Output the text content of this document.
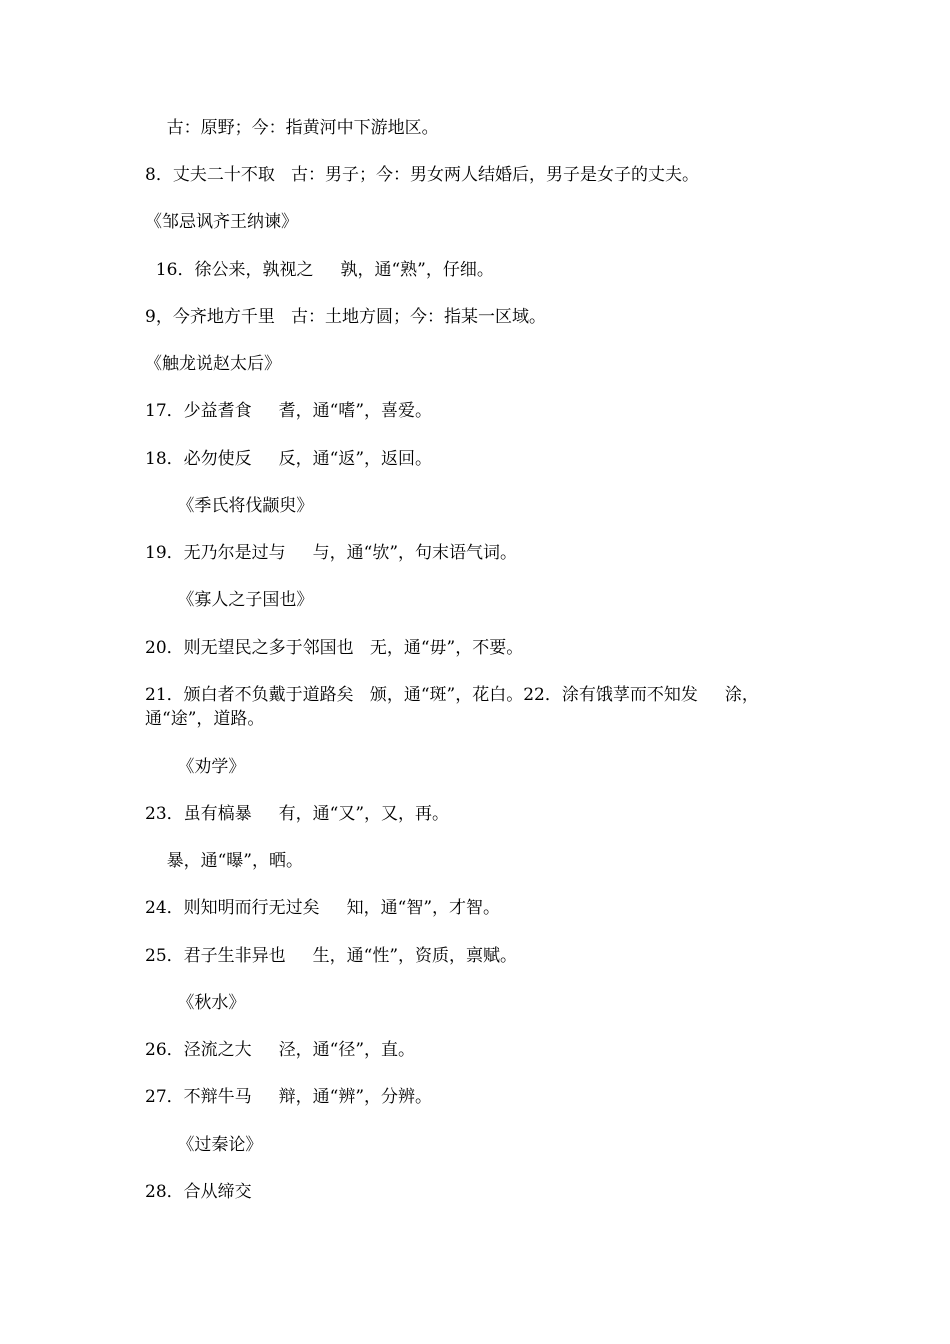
古：原野；今：指黄河中下游地区。
8．丈夫二十不取   古：男子；今：男女两人结婚后，男子是女子的丈夫。
《邹忌讽齐王纳谏》
16．徐公来，孰视之     孰，通“熟”，仔细。
9，今齐地方千里   古：土地方圆；今：指某一区域。
《触龙说赵太后》
17．少益耆食     耆，通“嗜”，喜爱。
18．必勿使反     反，通“返”，返回。
《季氏将伐颛臾》
19．无乃尔是过与     与，通“欤”，句末语气词。
《寡人之子国也》
20．则无望民之多于邻国也   无，通“毋”，不要。
21．颁白者不负戴于道路矣   颁，通“斑”，花白。22．涂有饿莩而不知发     涂，通“途”，道路。
《劝学》
23．虽有槁暴     有，通“又”，又，再。
暴，通“曝”，晒。
24．则知明而行无过矣     知，通“智”，才智。
25．君子生非异也     生，通“性”，资质，禀赋。
《秋水》
26．泾流之大     泾，通“径”，直。
27．不辩牛马     辩，通“辨”，分辨。
《过秦论》
28．合从缔交
